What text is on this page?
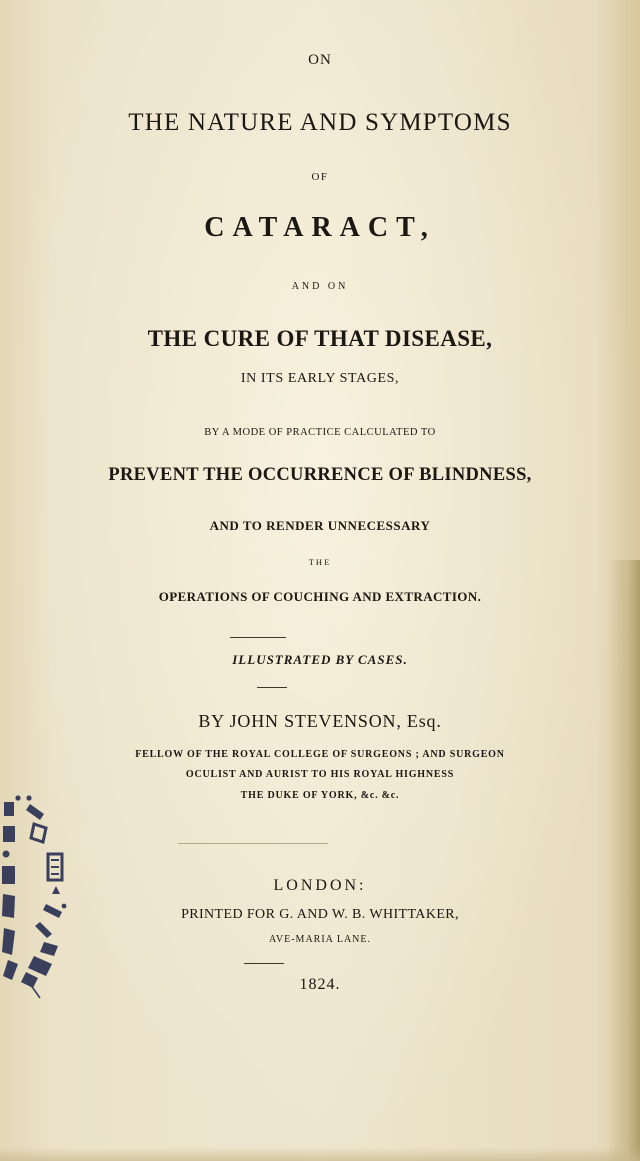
ON
THE NATURE AND SYMPTOMS
OF
CATARACT,
AND ON
THE CURE OF THAT DISEASE,
IN ITS EARLY STAGES,
BY A MODE OF PRACTICE CALCULATED TO
PREVENT THE OCCURRENCE OF BLINDNESS,
AND TO RENDER UNNECESSARY
THE
OPERATIONS OF COUCHING AND EXTRACTION.
ILLUSTRATED BY CASES.
BY JOHN STEVENSON, Esq.
FELLOW OF THE ROYAL COLLEGE OF SURGEONS ; AND SURGEON
OCULIST AND AURIST TO HIS ROYAL HIGHNESS
THE DUKE OF YORK, &c. &c.
LONDON:
PRINTED FOR G. AND W. B. WHITTAKER,
AVE-MARIA LANE.
1824.
